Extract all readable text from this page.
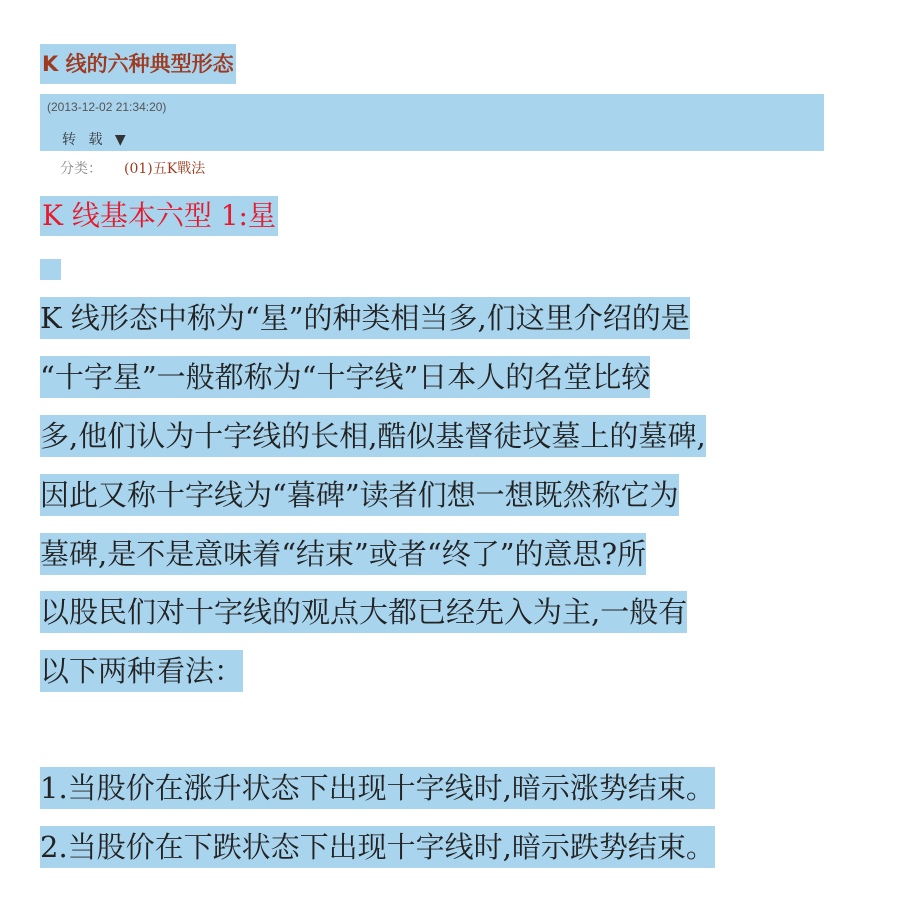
K 线的六种典型形态
(2013-12-02 21:34:20)
转 载 ▼
分类： (01)五K戰法
K 线基本六型 1:星
K 线形态中称为“星”的种类相当多,们这里介绍的是
“十字星”一般都称为“十字线”日本人的名堂比较
多,他们认为十字线的长相,酷似基督徒坟墓上的墓碑,
因此又称十字线为“暮碑”读者们想一想既然称它为
墓碑,是不是意味着“结束”或者“终了”的意思?所
以股民们对十字线的观点大都已经先入为主,一般有
以下两种看法：
1.当股价在涨升状态下出现十字线时,暗示涨势结束。
2.当股价在下跌状态下出现十字线时,暗示跌势结束。
